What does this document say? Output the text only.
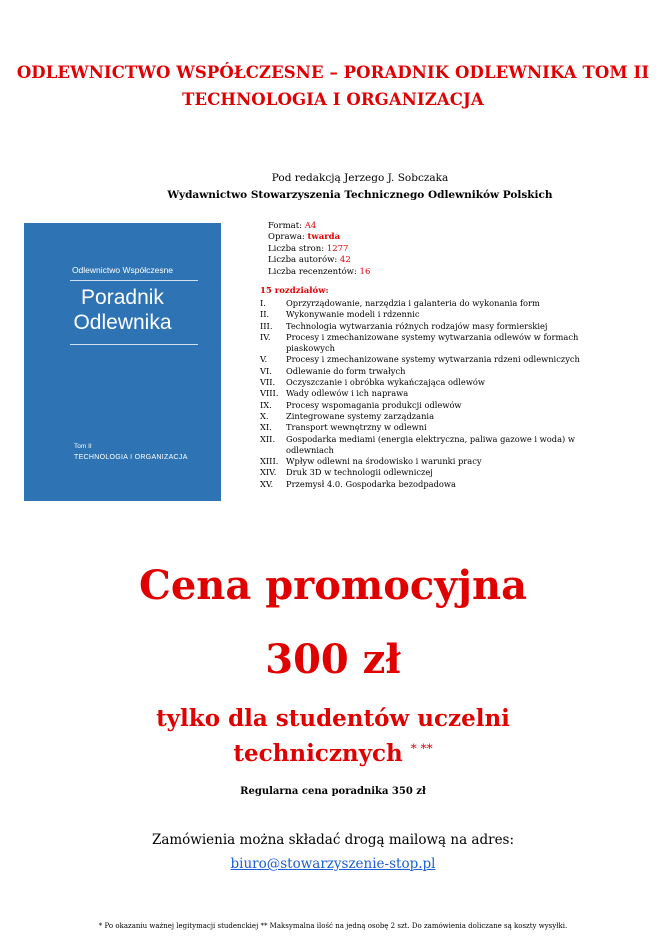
ODLEWNICTWO WSPÓŁCZESNE – PORADNIK ODLEWNIKA TOM II
TECHNOLOGIA I ORGANIZACJA
Pod redakcją Jerzego J. Sobczaka
Wydawnictwo Stowarzyszenia Technicznego Odlewników Polskich
Odlewnictwo Współczesne
Poradnik
Odlewnika
Tom II
TECHNOLOGIA I ORGANIZACJA
Format: A4
Oprawa: twarda
Liczba stron: 1277
Liczba autorów: 42
Liczba recenzentów: 16
15 rozdziałów:
I.	Oprzyrządowanie, narzędzia i galanteria do wykonania form
II.	Wykonywanie modeli i rdzennic
III.	Technologia wytwarzania różnych rodzajów masy formierskiej
IV.	Procesy i zmechanizowane systemy wytwarzania odlewów w formach piaskowych
V.	Procesy i zmechanizowane systemy wytwarzania rdzeni odlewniczych
VI.	Odlewanie do form trwałych
VII.	Oczyszczanie i obróbka wykańczająca odlewów
VIII. Wady odlewów i ich naprawa
IX.	Procesy wspomagania produkcji odlewów
X.	Zintegrowane systemy zarządzania
XI.	Transport wewnętrzny w odlewni
XII.	Gospodarka mediami (energia elektryczna, paliwa gazowe i woda) w odlewniach
XIII. Wpływ odlewni na środowisko i warunki pracy
XIV.	Druk 3D w technologii odlewniczej
XV.	Przemysł 4.0. Gospodarka bezodpadowa
Cena promocyjna
300 zł
tylko dla studentów uczelni
technicznych * **
Regularna cena poradnika 350 zł
Zamówienia można składać drogą mailową na adres:
biuro@stowarzyszenie-stop.pl
* Po okazaniu ważnej legitymacji studenckiej ** Maksymalna ilość na jedną osobę 2 szt. Do zamówienia doliczane są koszty wysyłki.
